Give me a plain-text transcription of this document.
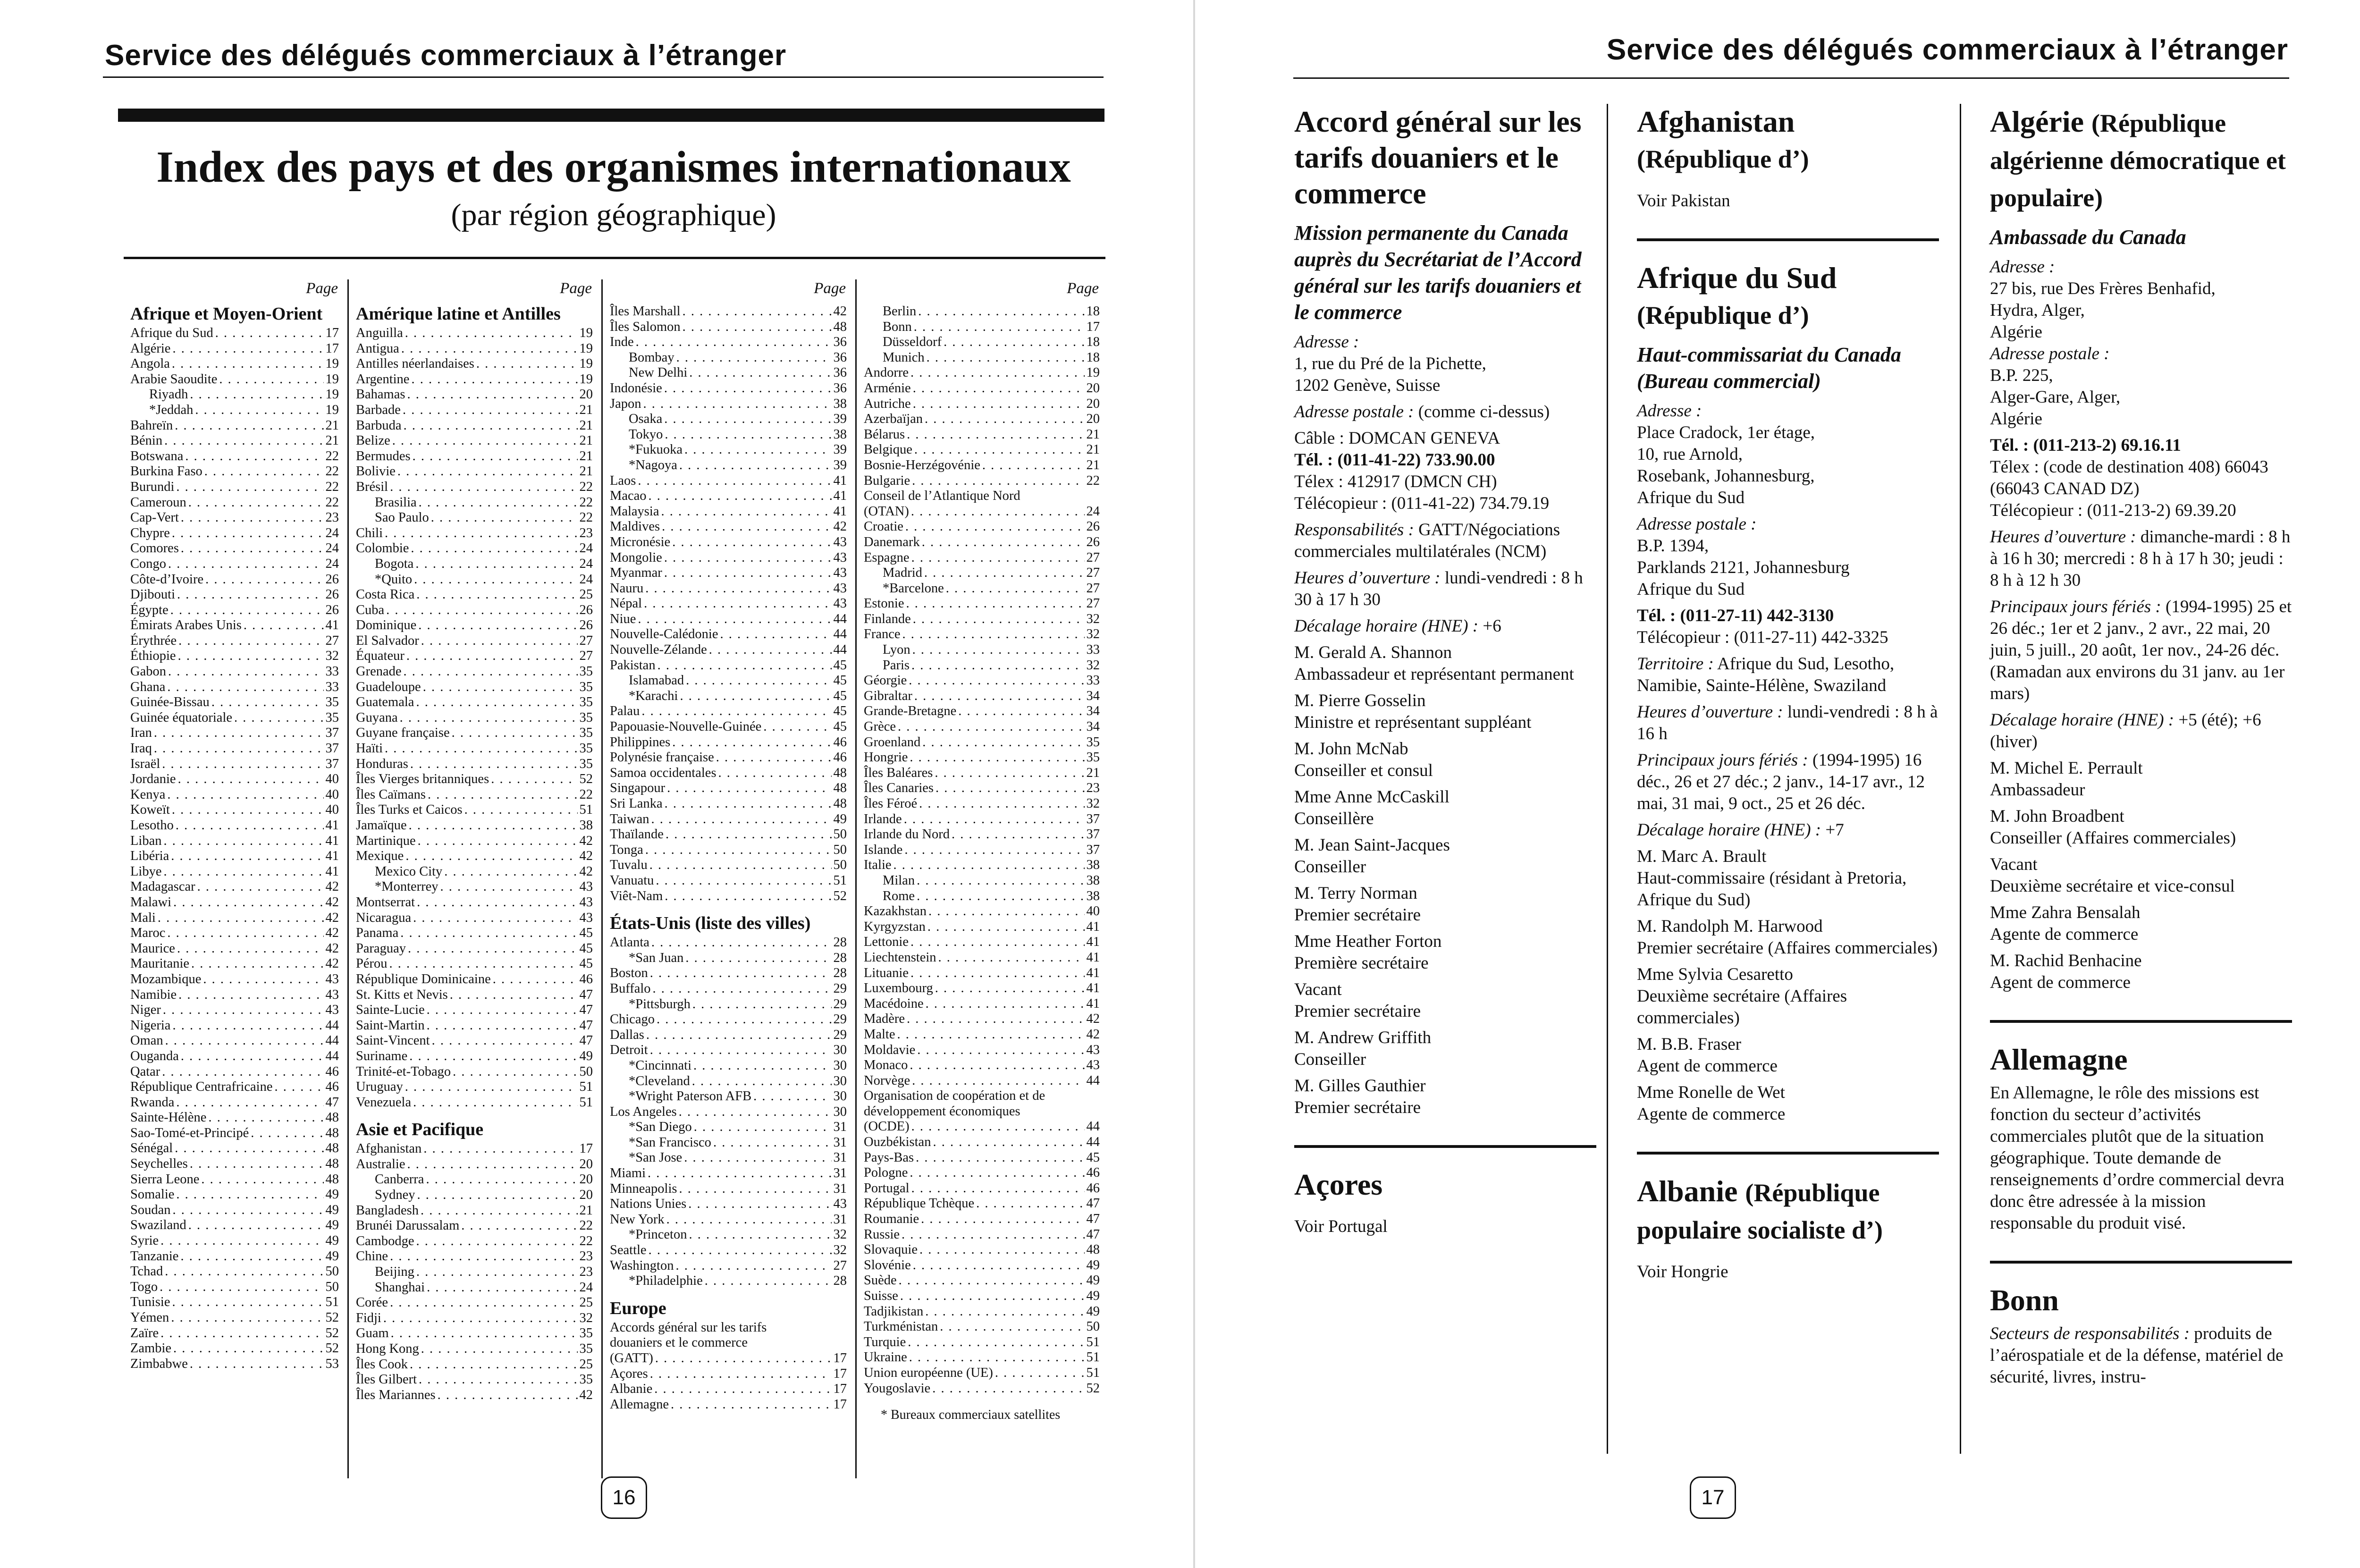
Service des délégués commerciaux à l’étranger
Index des pays et des organismes internationaux
(par région géographique)
Page
Afrique et Moyen-Orient
Afrique du Sud . . .	17
Algérie . . .	17
Angola . . .	19
Arabie Saoudite . . .	19
Riyadh . . .	19
*Jeddah . . .	19
Bahreïn . . .	21
Bénin . . .	21
Botswana . . .	22
Burkina Faso . . .	22
Burundi . . .	22
Cameroun . . .	22
Cap-Vert . . .	23
Chypre . . .	24
Comores . . .	24
Congo . . .	24
Côte-d’Ivoire . . .	26
Djibouti . . .	26
Égypte . . .	26
Émirats Arabes Unis . . .	41
Érythrée . . .	27
Éthiopie . . .	32
Gabon . . .	33
Ghana . . .	33
Guinée-Bissau . . .	35
Guinée équatoriale . . .	35
Iran . . .	37
Iraq . . .	37
Israël . . .	37
Jordanie . . .	40
Kenya . . .	40
Koweït . . .	40
Lesotho . . .	41
Liban . . .	41
Libéria . . .	41
Libye . . .	41
Madagascar . . .	42
Malawi . . .	42
Mali . . .	42
Maroc . . .	42
Maurice . . .	42
Mauritanie . . .	42
Mozambique . . .	43
Namibie . . .	43
Niger . . .	43
Nigeria . . .	44
Oman . . .	44
Ouganda . . .	44
Qatar . . .	46
République Centrafricaine . . .	46
Rwanda . . .	47
Sainte-Hélène . . .	48
Sao-Tomé-et-Principé . . .	48
Sénégal . . .	48
Seychelles . . .	48
Sierra Leone . . .	48
Somalie . . .	49
Soudan . . .	49
Swaziland . . .	49
Syrie . . .	49
Tanzanie . . .	49
Tchad . . .	50
Togo . . .	50
Tunisie . . .	51
Yémen . . .	52
Zaïre . . .	52
Zambie . . .	52
Zimbabwe . . .	53
Page
Amérique latine et Antilles
Anguilla . . .	19
Antigua . . .	19
Antilles néerlandaises . . .	19
Argentine . . .	19
Bahamas . . .	20
Barbade . . .	21
Barbuda . . .	21
Belize . . .	21
Bermudes . . .	21
Bolivie . . .	21
Brésil . . .	22
Brasilia . . .	22
Sao Paulo . . .	22
Chili . . .	23
Colombie . . .	24
Bogota . . .	24
*Quito . . .	24
Costa Rica . . .	25
Cuba . . .	26
Dominique . . .	26
El Salvador . . .	27
Équateur . . .	27
Grenade . . .	35
Guadeloupe . . .	35
Guatemala . . .	35
Guyana . . .	35
Guyane française . . .	35
Haïti . . .	35
Honduras . . .	35
Îles Vierges britanniques . . .	52
Îles Caïmans . . .	22
Îles Turks et Caicos . . .	51
Jamaïque . . .	38
Martinique . . .	42
Mexique . . .	42
Mexico City . . .	42
*Monterrey . . .	43
Montserrat . . .	43
Nicaragua . . .	43
Panama . . .	45
Paraguay . . .	45
Pérou . . .	45
République Dominicaine . . .	46
St. Kitts et Nevis . . .	47
Sainte-Lucie . . .	47
Saint-Martin . . .	47
Saint-Vincent . . .	47
Suriname . . .	49
Trinité-et-Tobago . . .	50
Uruguay . . .	51
Venezuela . . .	51
Asie et Pacifique
Afghanistan . . .	17
Australie . . .	20
Canberra . . .	20
Sydney . . .	20
Bangladesh . . .	21
Brunéi Darussalam . . .	22
Cambodge . . .	22
Chine . . .	23
Beijing . . .	23
Shanghai . . .	24
Corée . . .	25
Fidji . . .	32
Guam . . .	35
Hong Kong . . .	35
Îles Cook . . .	25
Îles Gilbert . . .	35
Îles Mariannes . . .	42
Page
Îles Marshall . . .	42
Îles Salomon . . .	48
Inde . . .	36
Bombay . . .	36
New Delhi . . .	36
Indonésie . . .	36
Japon . . .	38
Osaka . . .	39
Tokyo . . .	38
*Fukuoka . . .	39
*Nagoya . . .	39
Laos . . .	41
Macao . . .	41
Malaysia . . .	41
Maldives . . .	42
Micronésie . . .	43
Mongolie . . .	43
Myanmar . . .	43
Nauru . . .	43
Népal . . .	43
Niue . . .	44
Nouvelle-Calédonie . . .	44
Nouvelle-Zélande . . .	44
Pakistan . . .	45
Islamabad . . .	45
*Karachi . . .	45
Palau . . .	45
Papouasie-Nouvelle-Guinée . . .	45
Philippines . . .	46
Polynésie française . . .	46
Samoa occidentales . . .	48
Singapour . . .	48
Sri Lanka . . .	48
Taiwan . . .	49
Thaïlande . . .	50
Tonga . . .	50
Tuvalu . . .	50
Vanuatu . . .	51
Viêt-Nam . . .	52
États-Unis (liste des villes)
Atlanta . . .	28
*San Juan . . .	28
Boston . . .	28
Buffalo . . .	29
*Pittsburgh . . .	29
Chicago . . .	29
Dallas . . .	29
Detroit . . .	30
*Cincinnati . . .	30
*Cleveland . . .	30
*Wright Paterson AFB . . .	30
Los Angeles . . .	30
*San Diego . . .	31
*San Francisco . . .	31
*San Jose . . .	31
Miami . . .	31
Minneapolis . . .	31
Nations Unies . . .	43
New York . . .	31
*Princeton . . .	32
Seattle . . .	32
Washington . . .	27
*Philadelphie . . .	28
Europe
Accords général sur les tarifs douaniers et le commerce
(GATT) . . .	17
Açores . . .	17
Albanie . . .	17
Allemagne . . .	17
Page
Berlin . . .	18
Bonn . . .	17
Düsseldorf . . .	18
Munich . . .	18
Andorre . . .	19
Arménie . . .	20
Autriche . . .	20
Azerbaïjan . . .	20
Bélarus . . .	21
Belgique . . .	21
Bosnie-Herzégovénie . . .	21
Bulgarie . . .	22
Conseil de l’Atlantique Nord
(OTAN) . . .	24
Croatie . . .	26
Danemark . . .	26
Espagne . . .	27
Madrid . . .	27
*Barcelone . . .	27
Estonie . . .	27
Finlande . . .	32
France . . .	32
Lyon . . .	33
Paris . . .	32
Géorgie . . .	33
Gibraltar . . .	34
Grande-Bretagne . . .	34
Grèce . . .	34
Groenland . . .	35
Hongrie . . .	35
Îles Baléares . . .	21
Îles Canaries . . .	23
Îles Féroé . . .	32
Irlande . . .	37
Irlande du Nord . . .	37
Islande . . .	37
Italie . . .	38
Milan . . .	38
Rome . . .	38
Kazakhstan . . .	40
Kyrgyzstan . . .	41
Lettonie . . .	41
Liechtenstein . . .	41
Lituanie . . .	41
Luxembourg . . .	41
Macédoine . . .	41
Madère . . .	42
Malte . . .	42
Moldavie . . .	43
Monaco . . .	43
Norvège . . .	44
Organisation de coopération et de développement économiques
(OCDE) . . .	44
Ouzbékistan . . .	44
Pays-Bas . . .	45
Pologne . . .	46
Portugal . . .	46
République Tchèque . . .	47
Roumanie . . .	47
Russie . . .	47
Slovaquie . . .	48
Slovénie . . .	49
Suède . . .	49
Suisse . . .	49
Tadjikistan . . .	49
Turkménistan . . .	50
Turquie . . .	51
Ukraine . . .	51
Union européenne (UE) . . .	51
Yougoslavie . . .	52
* Bureaux commerciaux satellites
16
Service des délégués commerciaux à l’étranger
Accord général sur les tarifs douaniers et le commerce
Mission permanente du Canada auprès du Secrétariat de l’Accord général sur les tarifs douaniers et le commerce
Adresse :
1, rue du Pré de la Pichette,
1202 Genève, Suisse
Adresse postale : (comme ci-dessus)
Câble : DOMCAN GENEVA
Tél. : (011-41-22) 733.90.00
Télex : 412917 (DMCN CH)
Télécopieur : (011-41-22) 734.79.19
Responsabilités : GATT/Négociations commerciales multilatérales (NCM)
Heures d’ouverture : lundi-vendredi : 8 h 30 à 17 h 30
Décalage horaire (HNE) : +6
M. Gerald A. Shannon
Ambassadeur et représentant permanent
M. Pierre Gosselin
Ministre et représentant suppléant
M. John McNab
Conseiller et consul
Mme Anne McCaskill
Conseillère
M. Jean Saint-Jacques
Conseiller
M. Terry Norman
Premier secrétaire
Mme Heather Forton
Première secrétaire
Vacant
Premier secrétaire
M. Andrew Griffith
Conseiller
M. Gilles Gauthier
Premier secrétaire
Açores
Voir Portugal
Afghanistan
(République d’)
Voir Pakistan
Afrique du Sud
(République d’)
Haut-commissariat du Canada (Bureau commercial)
Adresse :
Place Cradock, 1er étage,
10, rue Arnold,
Rosebank, Johannesburg,
Afrique du Sud
Adresse postale :
B.P. 1394,
Parklands 2121, Johannesburg
Afrique du Sud
Tél. : (011-27-11) 442-3130
Télécopieur : (011-27-11) 442-3325
Territoire : Afrique du Sud, Lesotho, Namibie, Sainte-Hélène, Swaziland
Heures d’ouverture : lundi-vendredi : 8 h à 16 h
Principaux jours fériés : (1994-1995) 16 déc., 26 et 27 déc.; 2 janv., 14-17 avr., 12 mai, 31 mai, 9 oct., 25 et 26 déc.
Décalage horaire (HNE) : +7
M. Marc A. Brault
Haut-commissaire (résidant à Pretoria, Afrique du Sud)
M. Randolph M. Harwood
Premier secrétaire (Affaires commerciales)
Mme Sylvia Cesaretto
Deuxième secrétaire (Affaires commerciales)
M. B.B. Fraser
Agent de commerce
Mme Ronelle de Wet
Agente de commerce
Albanie (République populaire socialiste d’)
Voir Hongrie
Algérie (République algérienne démocratique et populaire)
Ambassade du Canada
Adresse :
27 bis, rue Des Frères Benhafid,
Hydra, Alger,
Algérie
Adresse postale :
B.P. 225,
Alger-Gare, Alger,
Algérie
Tél. : (011-213-2) 69.16.11
Télex : (code de destination 408) 66043 (66043 CANAD DZ)
Télécopieur : (011-213-2) 69.39.20
Heures d’ouverture : dimanche-mardi : 8 h à 16 h 30; mercredi : 8 h à 17 h 30; jeudi : 8 h à 12 h 30
Principaux jours fériés : (1994-1995) 25 et 26 déc.; 1er et 2 janv., 2 avr., 22 mai, 20 juin, 5 juill., 20 août, 1er nov., 24-26 déc. (Ramadan aux environs du 31 janv. au 1er mars)
Décalage horaire (HNE) : +5 (été); +6 (hiver)
M. Michel E. Perrault
Ambassadeur
M. John Broadbent
Conseiller (Affaires commerciales)
Vacant
Deuxième secrétaire et vice-consul
Mme Zahra Bensalah
Agente de commerce
M. Rachid Benhacine
Agent de commerce
Allemagne
En Allemagne, le rôle des missions est fonction du secteur d’activités commerciales plutôt que de la situation géographique. Toute demande de renseignements d’ordre commercial devra donc être adressée à la mission responsable du produit visé.
Bonn
Secteurs de responsabilités : produits de l’aérospatiale et de la défense, matériel de sécurité, livres, instru-
17
